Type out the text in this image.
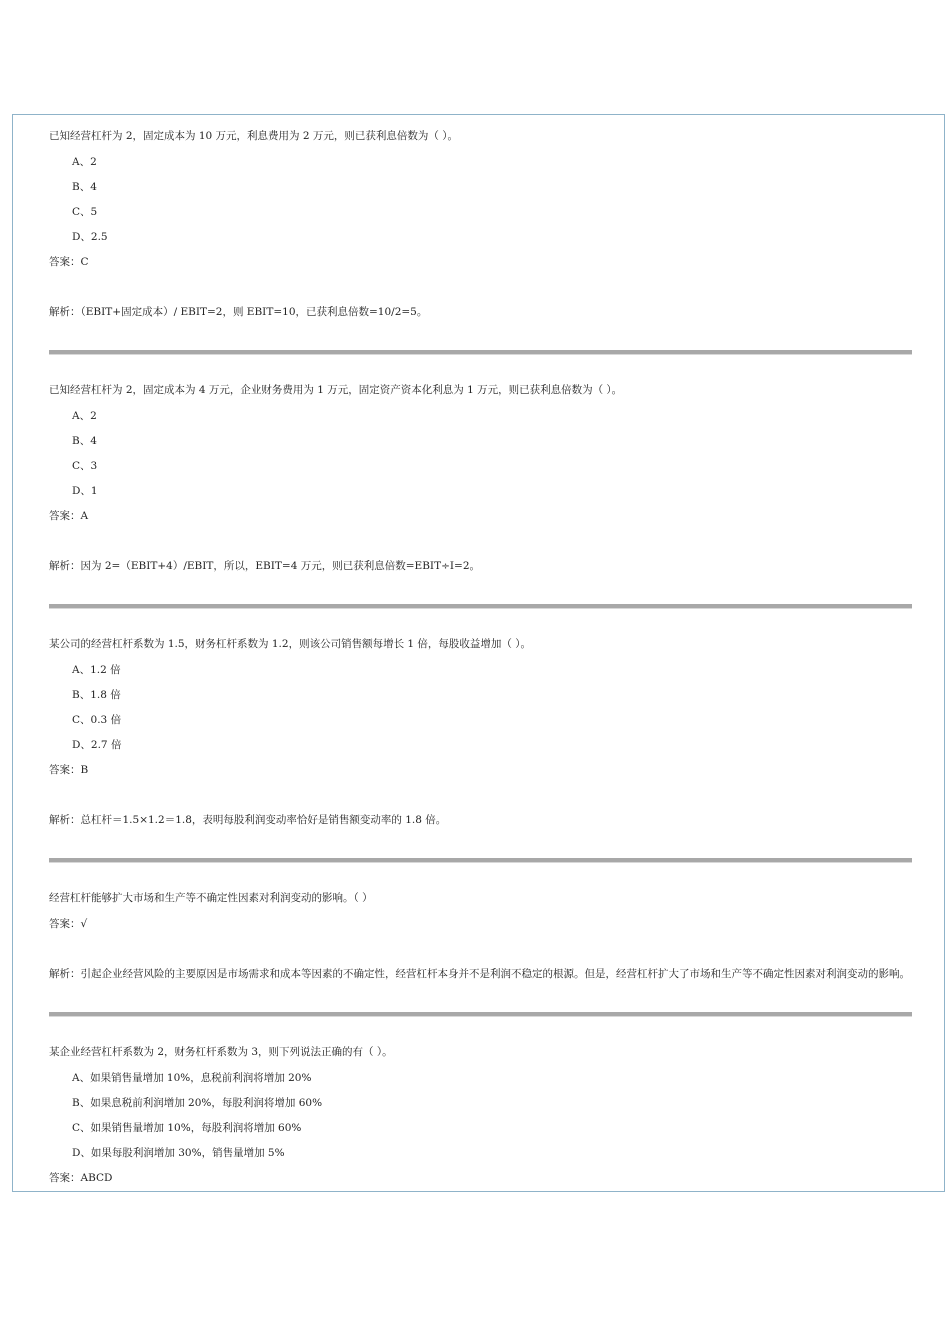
已知经营杠杆为 2，固定成本为 10 万元，利息费用为 2 万元，则已获利息倍数为（ ）。
A、2
B、4
C、5
D、2.5
答案：C
解析：（EBIT+固定成本）/ EBIT=2，则 EBIT=10，已获利息倍数=10/2=5。
已知经营杠杆为 2，固定成本为 4 万元，企业财务费用为 1 万元，固定资产资本化利息为 1 万元，则已获利息倍数为（ ）。
A、2
B、4
C、3
D、1
答案：A
解析：因为 2=（EBIT+4）/EBIT，所以，EBIT=4 万元，则已获利息倍数=EBIT÷I=2。
某公司的经营杠杆系数为 1.5，财务杠杆系数为 1.2，则该公司销售额每增长 1 倍，每股收益增加（ ）。
A、1.2 倍
B、1.8 倍
C、0.3 倍
D、2.7 倍
答案：B
解析：总杠杆＝1.5×1.2＝1.8，表明每股利润变动率恰好是销售额变动率的 1.8 倍。
经营杠杆能够扩大市场和生产等不确定性因素对利润变动的影响。（ ）
答案：√
解析：引起企业经营风险的主要原因是市场需求和成本等因素的不确定性，经营杠杆本身并不是利润不稳定的根源。但是，经营杠杆扩大了市场和生产等不确定性因素对利润变动的影响。
某企业经营杠杆系数为 2，财务杠杆系数为 3，则下列说法正确的有（ ）。
A、如果销售量增加 10%，息税前利润将增加 20%
B、如果息税前利润增加 20%，每股利润将增加 60%
C、如果销售量增加 10%，每股利润将增加 60%
D、如果每股利润增加 30%，销售量增加 5%
答案：ABCD
